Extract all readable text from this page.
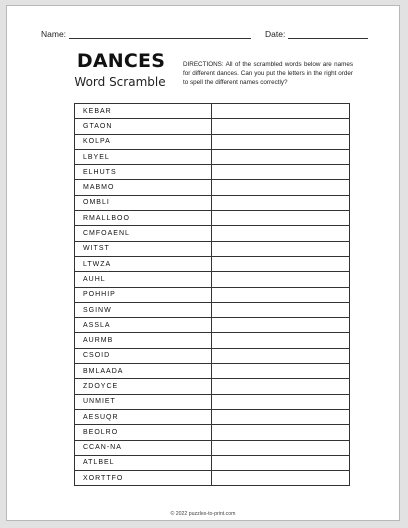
Name:	Date:
DANCES
Word Scramble
DIRECTIONS: All of the scrambled words below are names for different dances. Can you put the letters in the right order to spell the different names correctly?
KEBAR	
GTAON	
KOLPA	
LBYEL	
ELHUTS	
MABMO	
OMBLI	
RMALLBOO	
CMFOAENL	
WITST	
LTWZA	
AUHL	
POHHIP	
SGINW	
ASSLA	
AURMB	
CSOID	
BMLAADA	
ZDOYCE	
UNMIET	
AESUQR	
BEOLRO	
CCAN-NA	
ATLBEL	
XORTTFO	
© 2022 puzzles-to-print.com
